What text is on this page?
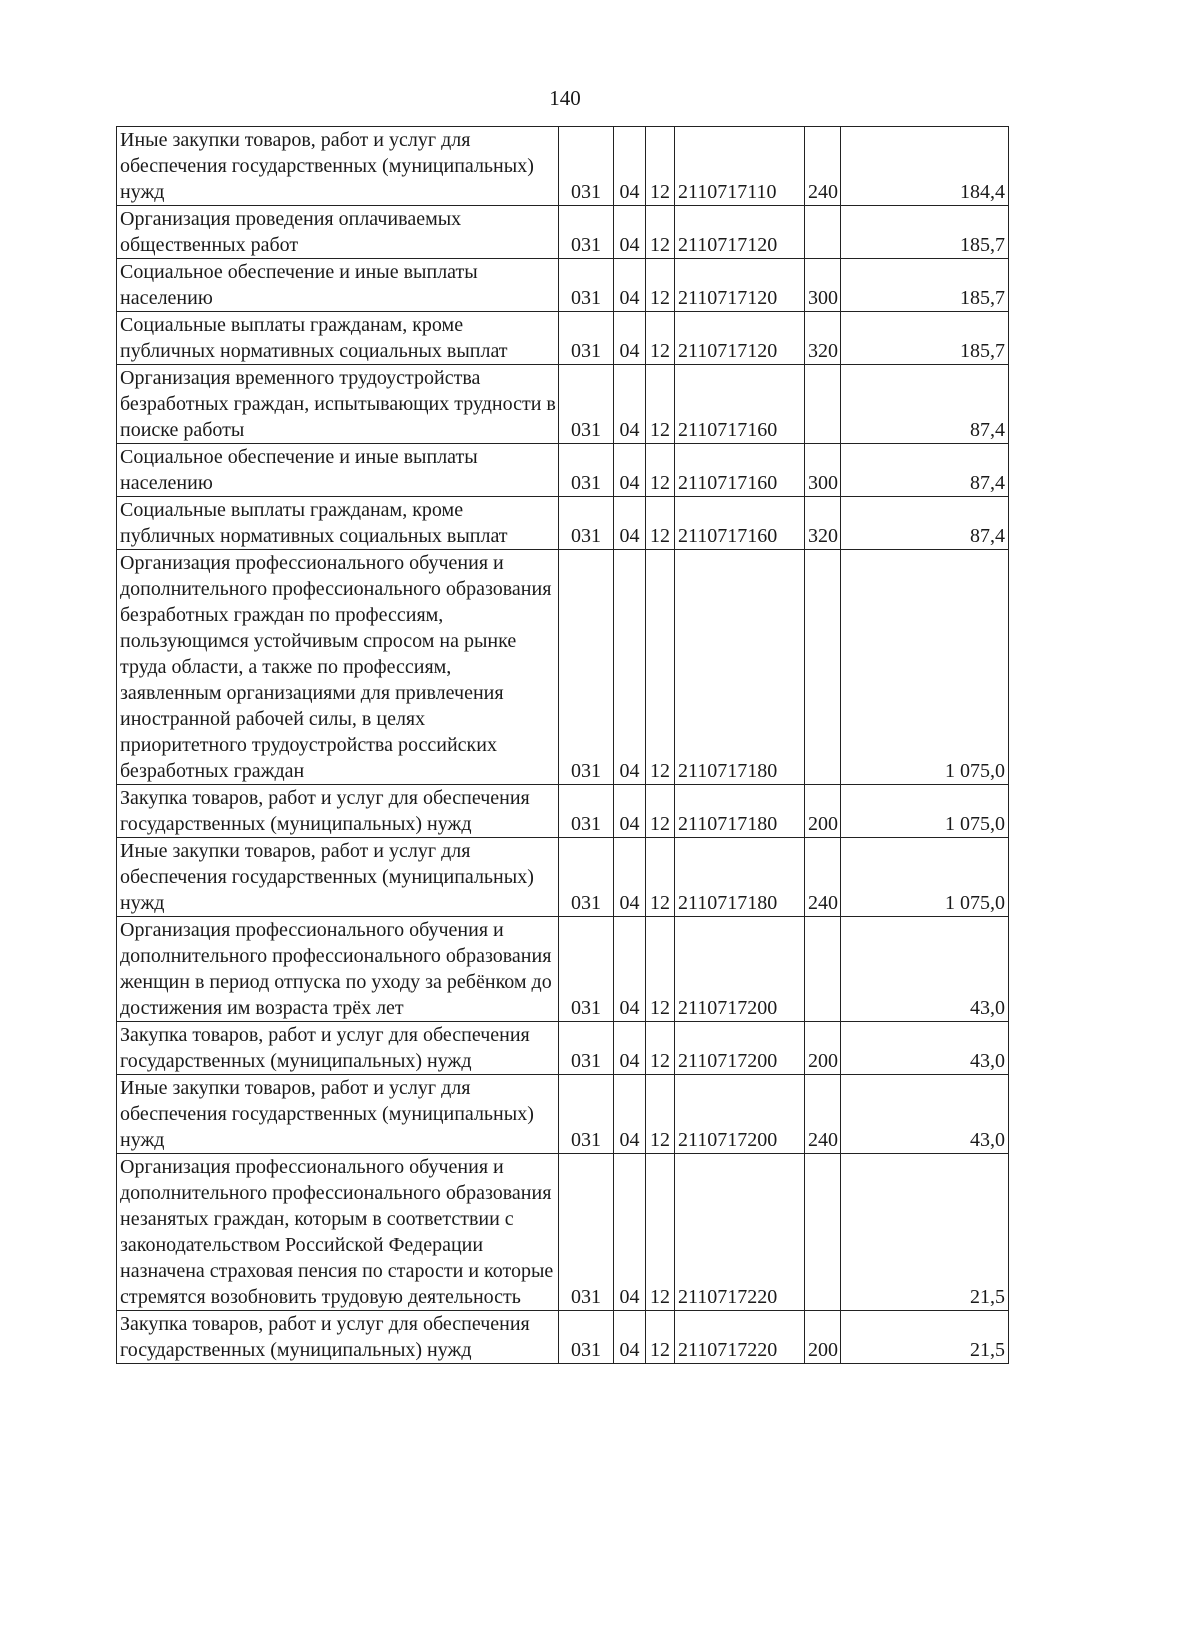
140
Иные закупки товаров, работ и услуг для обеспечения государственных (муниципальных) нужд	031	04	12	2110717110	240	184,4
Организация проведения оплачиваемых общественных работ	031	04	12	2110717120		185,7
Социальное обеспечение и иные выплаты населению	031	04	12	2110717120	300	185,7
Социальные выплаты гражданам, кроме публичных нормативных социальных выплат	031	04	12	2110717120	320	185,7
Организация временного трудоустройства безработных граждан, испытывающих трудности в поиске работы	031	04	12	2110717160		87,4
Социальное обеспечение и иные выплаты населению	031	04	12	2110717160	300	87,4
Социальные выплаты гражданам, кроме публичных нормативных социальных выплат	031	04	12	2110717160	320	87,4
Организация профессионального обучения и дополнительного профессионального образования безработных граждан по профессиям, пользующимся устойчивым спросом на рынке труда области, а также по профессиям, заявленным организациями для привлечения иностранной рабочей силы, в целях приоритетного трудоустройства российских безработных граждан	031	04	12	2110717180		1 075,0
Закупка товаров, работ и услуг для обеспечения государственных (муниципальных) нужд	031	04	12	2110717180	200	1 075,0
Иные закупки товаров, работ и услуг для обеспечения государственных (муниципальных) нужд	031	04	12	2110717180	240	1 075,0
Организация профессионального обучения и дополнительного профессионального образования женщин в период отпуска по уходу за ребёнком до достижения им возраста трёх лет	031	04	12	2110717200		43,0
Закупка товаров, работ и услуг для обеспечения государственных (муниципальных) нужд	031	04	12	2110717200	200	43,0
Иные закупки товаров, работ и услуг для обеспечения государственных (муниципальных) нужд	031	04	12	2110717200	240	43,0
Организация профессионального обучения и дополнительного профессионального образования незанятых граждан, которым в соответствии с законодательством Российской Федерации назначена страховая пенсия по старости и которые стремятся возобновить трудовую деятельность	031	04	12	2110717220		21,5
Закупка товаров, работ и услуг для обеспечения государственных (муниципальных) нужд	031	04	12	2110717220	200	21,5
